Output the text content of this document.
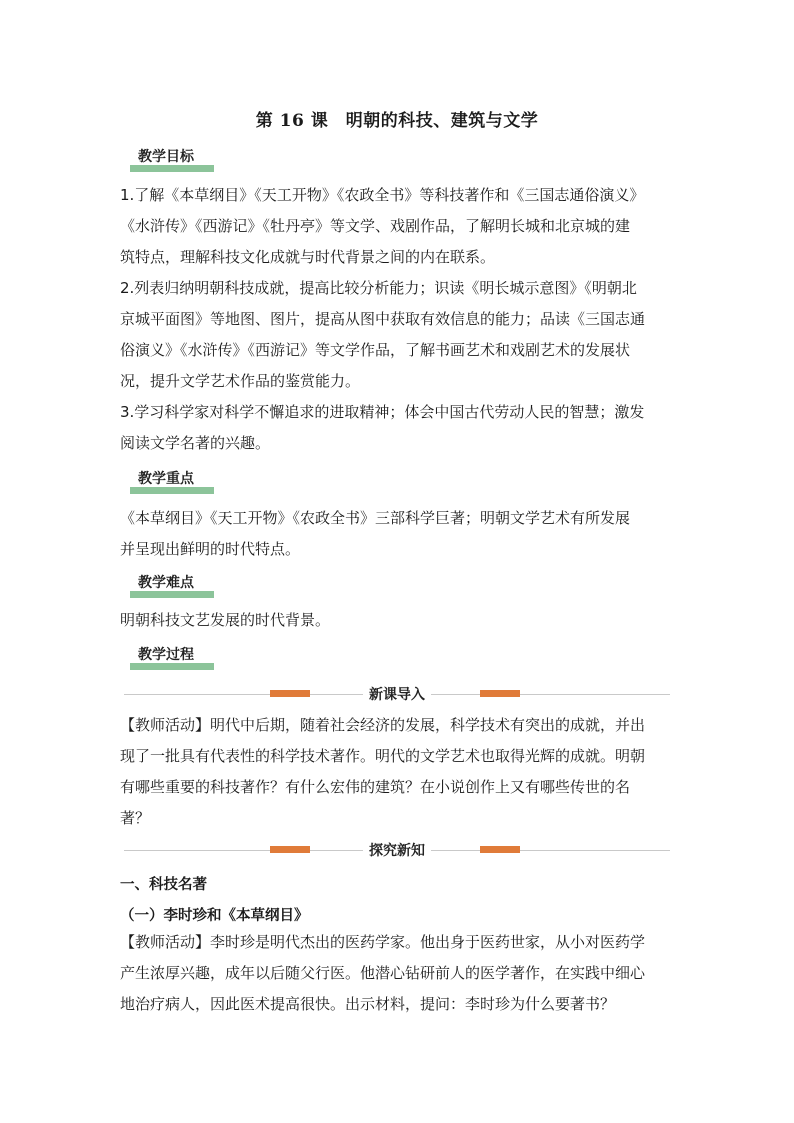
第 16 课　明朝的科技、建筑与文学
教学目标
1.了解《本草纲目》《天工开物》《农政全书》等科技著作和《三国志通俗演义》
《水浒传》《西游记》《牡丹亭》等文学、戏剧作品，了解明长城和北京城的建
筑特点，理解科技文化成就与时代背景之间的内在联系。
2.列表归纳明朝科技成就，提高比较分析能力；识读《明长城示意图》《明朝北
京城平面图》等地图、图片，提高从图中获取有效信息的能力；品读《三国志通
俗演义》《水浒传》《西游记》等文学作品，了解书画艺术和戏剧艺术的发展状
况，提升文学艺术作品的鉴赏能力。
3.学习科学家对科学不懈追求的进取精神；体会中国古代劳动人民的智慧；激发
阅读文学名著的兴趣。
教学重点
《本草纲目》《天工开物》《农政全书》三部科学巨著；明朝文学艺术有所发展
并呈现出鲜明的时代特点。
教学难点
明朝科技文艺发展的时代背景。
教学过程
新课导入
【教师活动】明代中后期，随着社会经济的发展，科学技术有突出的成就，并出
现了一批具有代表性的科学技术著作。明代的文学艺术也取得光辉的成就。明朝
有哪些重要的科技著作？有什么宏伟的建筑？在小说创作上又有哪些传世的名
著？
探究新知
一、科技名著
（一）李时珍和《本草纲目》
【教师活动】李时珍是明代杰出的医药学家。他出身于医药世家，从小对医药学
产生浓厚兴趣，成年以后随父行医。他潜心钻研前人的医学著作，在实践中细心
地治疗病人，因此医术提高很快。出示材料，提问：李时珍为什么要著书？
